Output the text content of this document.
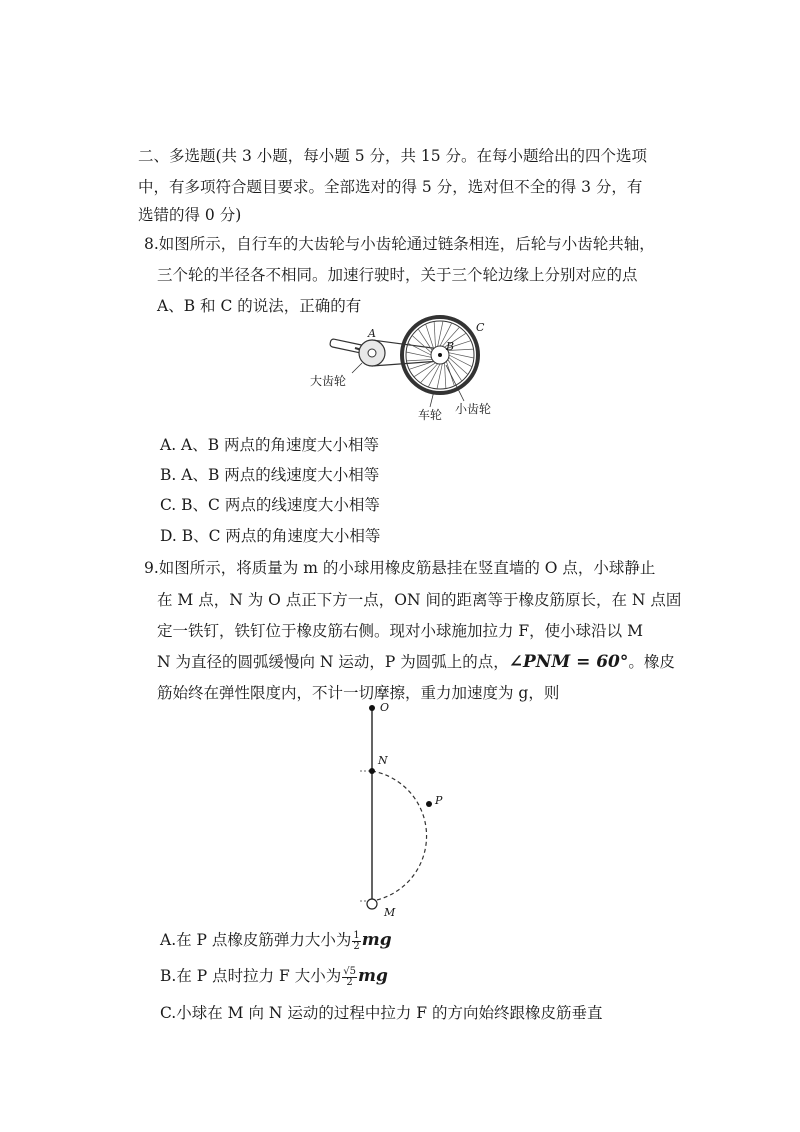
二、多选题(共 3 小题，每小题 5 分，共 15 分。在每小题给出的四个选项
中，有多项符合题目要求。全部选对的得 5 分，选对但不全的得 3 分，有
选错的得 0 分)
8.如图所示，自行车的大齿轮与小齿轮通过链条相连，后轮与小齿轮共轴，
三个轮的半径各不相同。加速行驶时，关于三个轮边缘上分别对应的点
A、B 和 C 的说法，正确的有
大齿轮
车轮 小齿轮
A
B
C
A. A、B 两点的角速度大小相等
B. A、B 两点的线速度大小相等
C. B、C 两点的线速度大小相等
D. B、C 两点的角速度大小相等
9.如图所示，将质量为 m 的小球用橡皮筋悬挂在竖直墙的 O 点，小球静止
在 M 点，N 为 O 点正下方一点，ON 间的距离等于橡皮筋原长，在 N 点固
定一铁钉，铁钉位于橡皮筋右侧。现对小球施加拉力 F，使小球沿以 M
N 为直径的圆弧缓慢向 N 运动，P 为圆弧上的点，∠PNM = 60°。橡皮
筋始终在弹性限度内，不计一切摩擦，重力加速度为 g，则
O
N
P
M
A.在 P 点橡皮筋弹力大小为 $\frac{1}{2}$ mg
B.在 P 点时拉力 F 大小为 $\frac{√5}{2}$ mg
C.小球在 M 向 N 运动的过程中拉力 F 的方向始终跟橡皮筋垂直
